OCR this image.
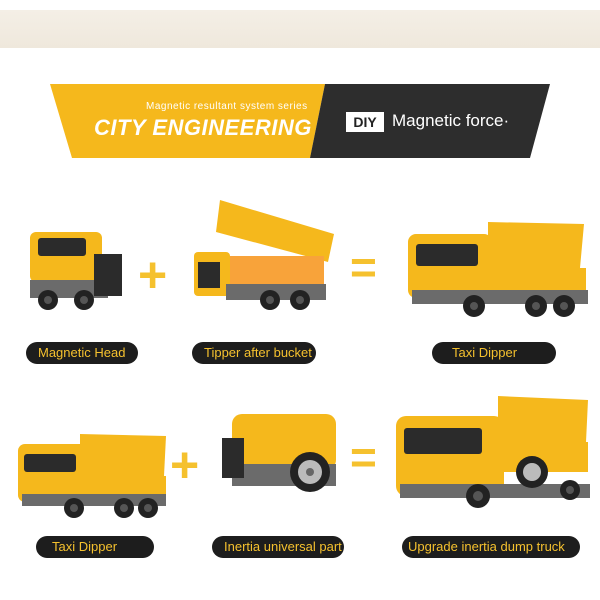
Magnetic resultant system series
CITY ENGINEERING	DIY Magnetic force·
+	=
Magnetic Head	Tipper after bucket	Taxi Dipper
+	=
Taxi Dipper	Inertia universal part	Upgrade inertia dump truck
